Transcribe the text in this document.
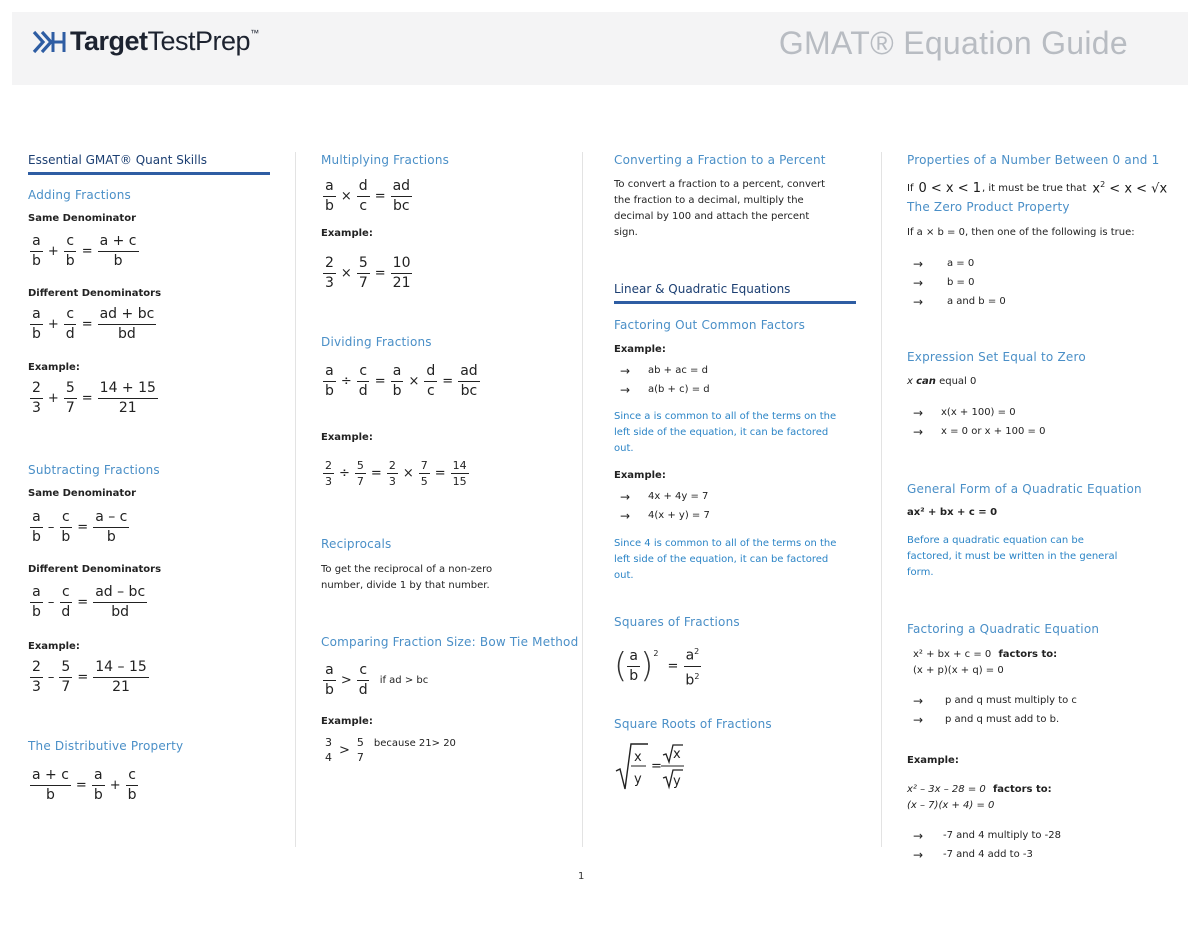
TargetTestPrep™	GMAT® Equation Guide
Essential GMAT® Quant Skills
Adding Fractions
Same Denominator
a
b
+ $\frac{c}{b} = \frac{a + c}{b}$
Different Denominators
a
b
+ $\frac{c}{d} = \frac{ad + bc}{bd}$
Example:
2
3
+ $\frac{5}{7} = \frac{14 + 15}{21}$
Subtracting Fractions
Same Denominator
a
b
– $\frac{c}{b} = \frac{a - c}{b}$
Different Denominators
a
b
– $\frac{c}{d} = \frac{ad - bc}{bd}$
Example:
2
3
– $\frac{5}{7} = \frac{14 - 15}{21}$
The Distributive Property
$\frac{a + c}{b} = \frac{a}{b} + \frac{c}{b}$
Multiplying Fractions
$\frac{a}{b} \times \frac{d}{c} = \frac{ad}{bc}$
Example:
$\frac{2}{3} \times \frac{5}{7} = \frac{10}{21}$
Dividing Fractions
$\frac{a}{b} \div \frac{c}{d} = \frac{a}{b} \times \frac{d}{c} = \frac{ad}{bc}$
Example:
$\frac{2}{3} \div \frac{5}{7} = \frac{2}{3} \times \frac{7}{5} = \frac{14}{15}$
Reciprocals
To get the reciprocal of a non-zero
number, divide 1 by that number.
Comparing Fraction Size: Bow Tie Method
a
b
>
c
d
if ad > bc
Example:
3
4 > 5
7
because 21> 20
Converting a Fraction to a Percent
To convert a fraction to a percent, convert
the fraction to a decimal, multiply the
decimal by 100 and attach the percent
sign.
Linear & Quadratic Equations
Factoring Out Common Factors
Example:
→	ab + ac = d
→	a(b + c) = d
Since a is common to all of the terms on the
left side of the equation, it can be factored
out.
Example:
→	4x + 4y = 7
→	4(x + y) = 7
Since 4 is common to all of the terms on the
left side of the equation, it can be factored
out.
Squares of Fractions
( a
b )$^2$
= $\frac{a^2}{b^2}$
Square Roots of Fractions
x
y
=
x
y
Properties of a Number Between 0 and 1
If 0 < x < 1 , it must be true that $x^2 < x < √x$
The Zero Product Property
If a × b = 0, then one of the following is true:
→	a = 0
→	b = 0
→	a and b = 0
Expression Set Equal to Zero
x can equal 0
→	x(x + 100) = 0
→	x = 0 or x + 100 = 0
General Form of a Quadratic Equation
ax² + bx + c = 0
Before a quadratic equation can be
factored, it must be written in the general
form.
Factoring a Quadratic Equation
x² + bx + c = 0 factors to:
(x + p)(x + q) = 0
→	p and q must multiply to c
→	p and q must add to b.
Example:
x² – 3x – 28 = 0 factors to:
(x – 7)(x + 4) = 0
→	-7 and 4 multiply to -28
→	-7 and 4 add to -3
1
